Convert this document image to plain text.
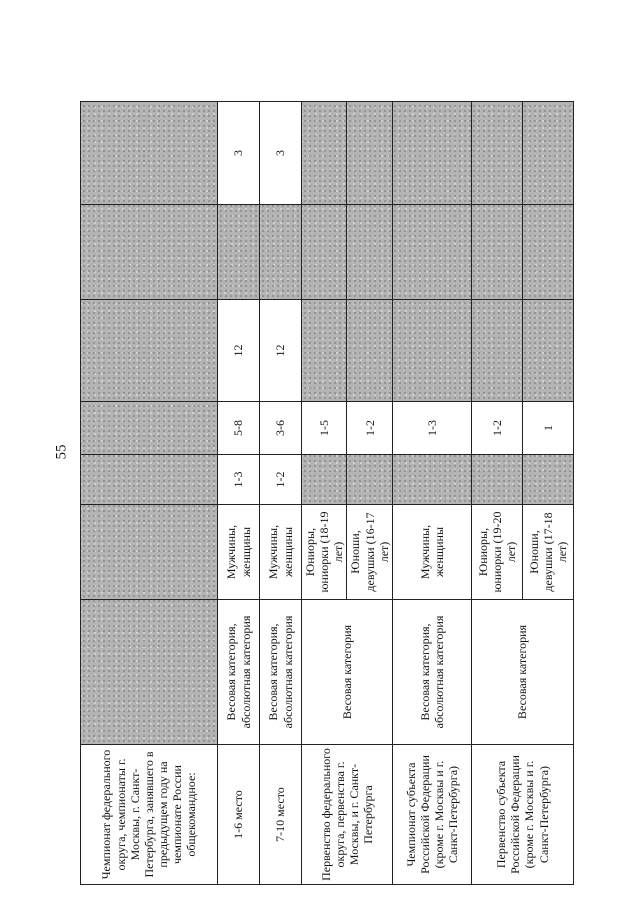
55
Чемпионат федерального округа, чемпионаты г. Москвы, г. Санкт-Петербурга, занявшего в предыдущем году на чемпионате России общекомандное:							
1-6 место	Весовая категория, абсолютная категория	Мужчины, женщины	1-3	5-8	12		3
7-10 место	Весовая категория, абсолютная категория	Мужчины, женщины	1-2	3-6	12		3
Первенство федерального округа, первенства г. Москвы, и г. Санкт-Петербурга	Весовая категория	Юниоры, юниорки (18-19 лет)		1-5			
		Юноши, девушки (16-17 лет)		1-2			
Чемпионат субъекта Российской Федерации (кроме г. Москвы и г. Санкт-Петербурга)	Весовая категория, абсолютная категория	Мужчины, женщины		1-3			
Первенство субъекта Российской Федерации (кроме г. Москвы и г. Санкт-Петербурга)	Весовая категория	Юниоры, юниорки (19-20 лет)		1-2			
		Юноши, девушки (17-18 лет)		1			
